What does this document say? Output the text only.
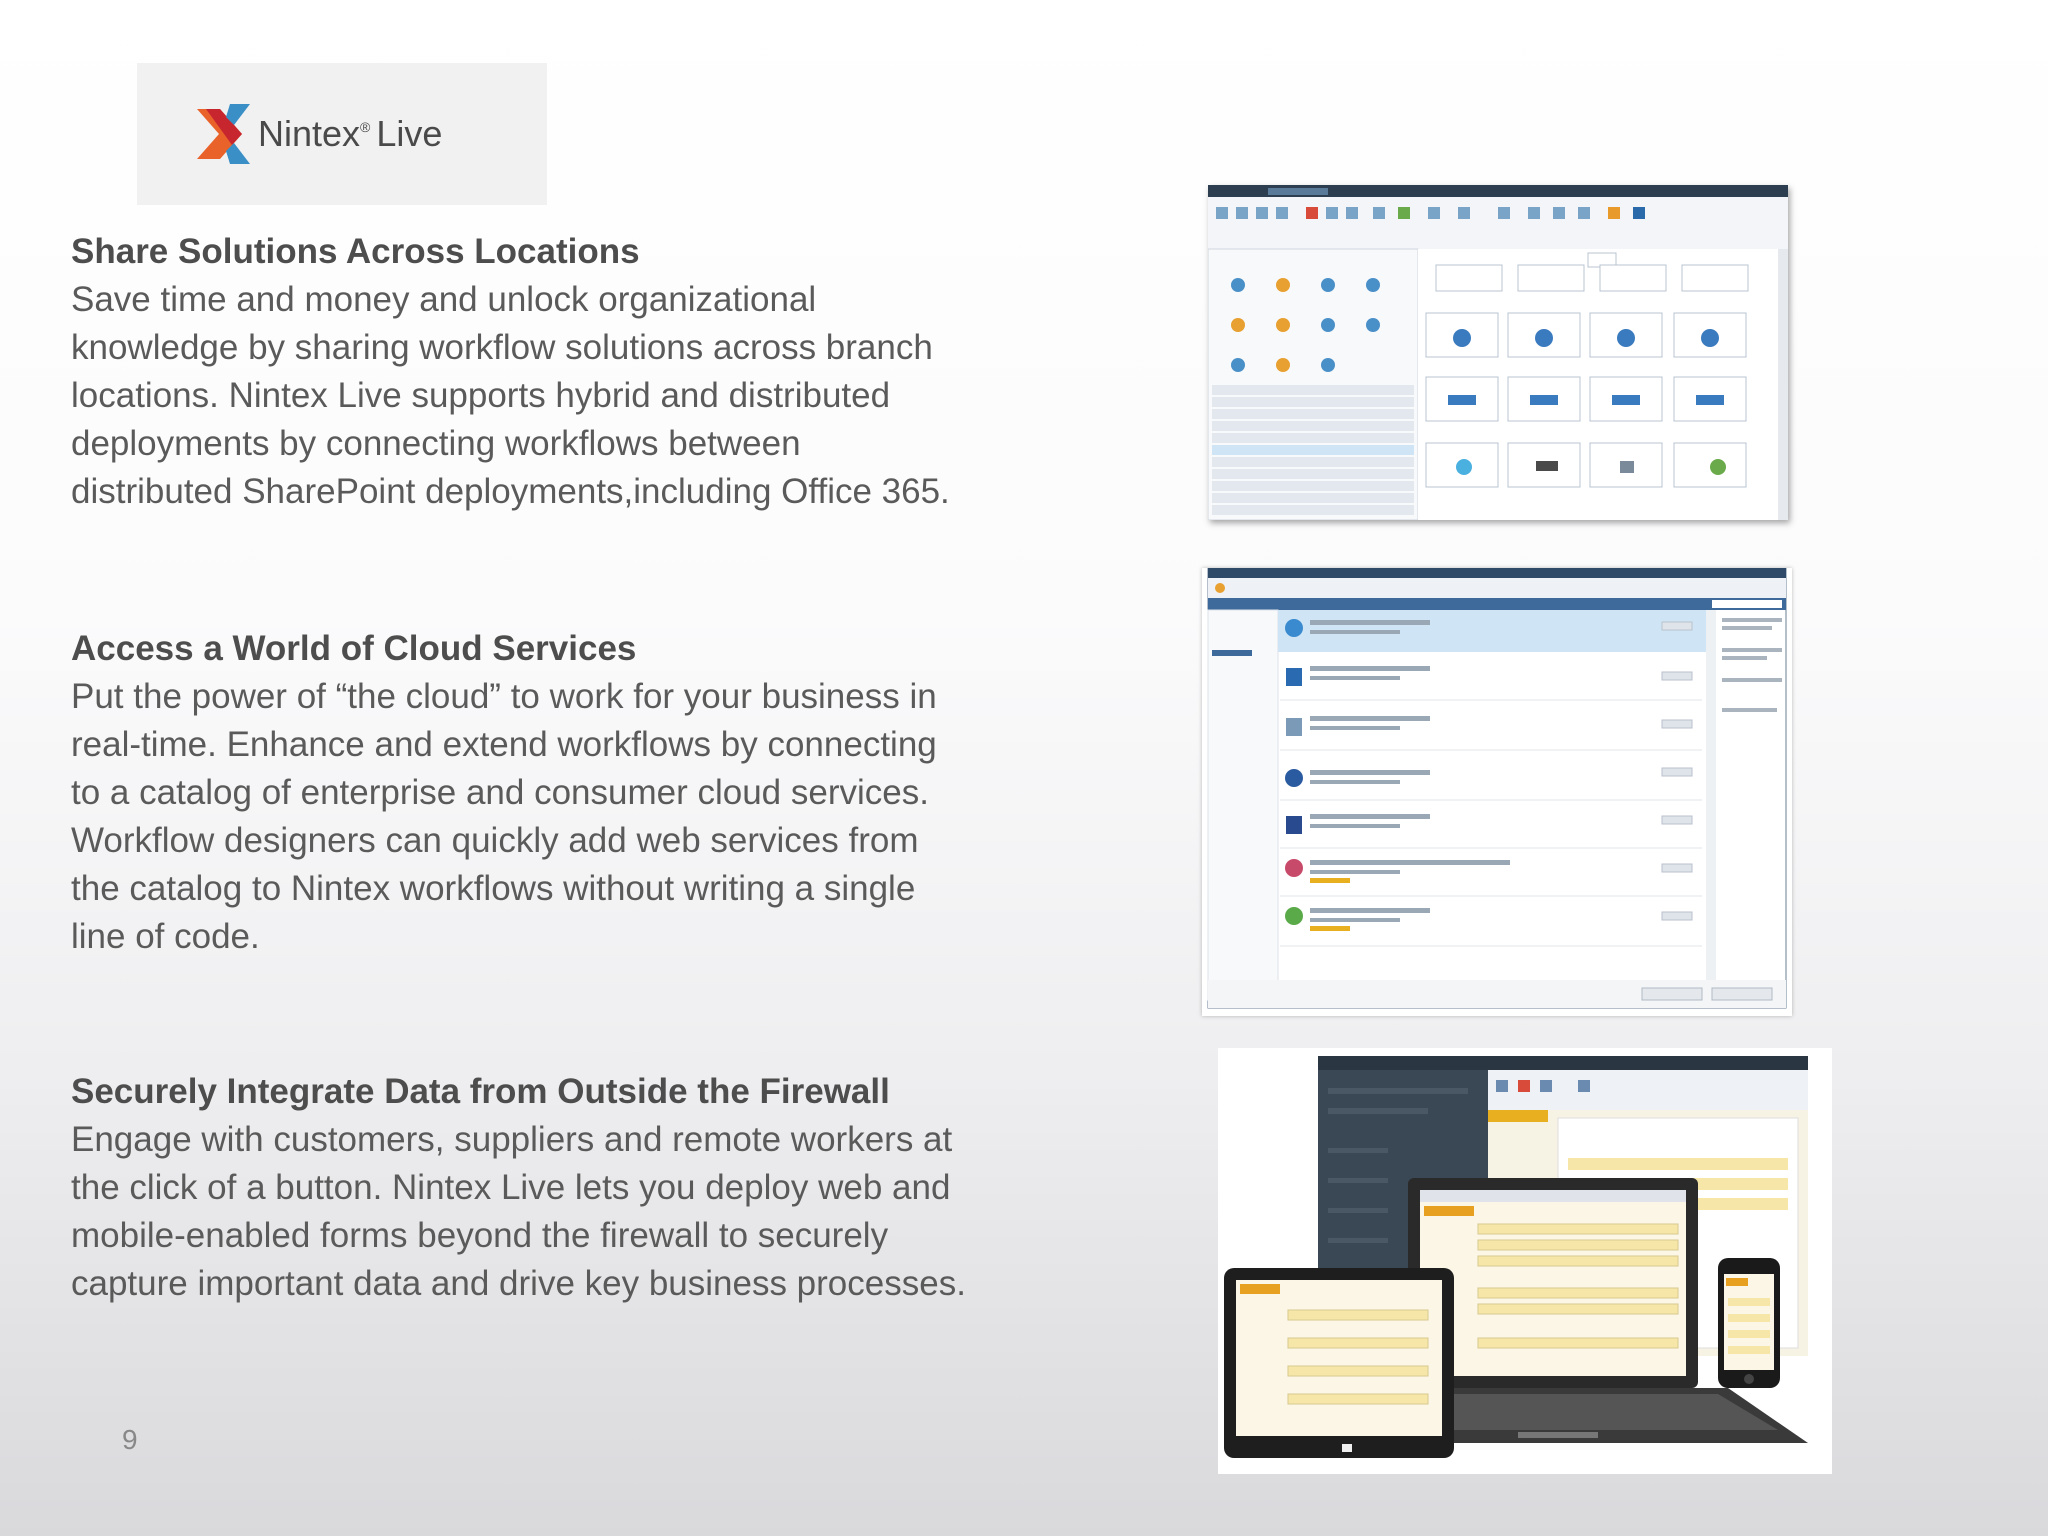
Nintex® Live
Share Solutions Across Locations

Save time and money and unlock organizational
knowledge by sharing workflow solutions across branch
locations. Nintex Live supports hybrid and distributed
deployments by connecting workflows between
distributed SharePoint deployments,including Office 365.

Access a World of Cloud Services

Put the power of “the cloud” to work for your business in
real-time. Enhance and extend workflows by connecting
to a catalog of enterprise and consumer cloud services.
Workflow designers can quickly add web services from
the catalog to Nintex workflows without writing a single
line of code.

Securely Integrate Data from Outside the Firewall

Engage with customers, suppliers and remote workers at
the click of a button. Nintex Live lets you deploy web and
mobile-enabled forms beyond the firewall to securely
capture important data and drive key business processes.

9
